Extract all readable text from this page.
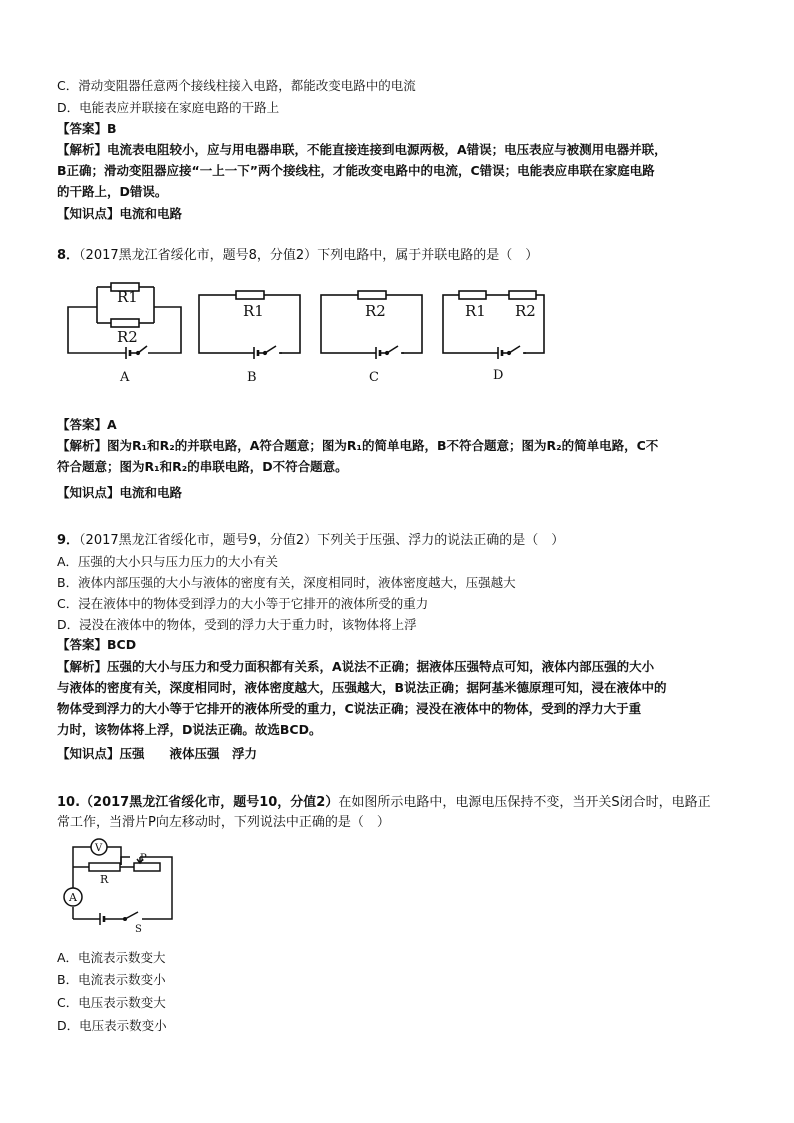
C．滑动变阻器任意两个接线柱接入电路，都能改变电路中的电流
D．电能表应并联接在家庭电路的干路上
【答案】B
【解析】电流表电阻较小，应与用电器串联，不能直接连接到电源两极，A错误；电压表应与被测用电器并联，
B正确；滑动变阻器应接“一上一下”两个接线柱，才能改变电路中的电流，C错误；电能表应串联在家庭电路
的干路上，D错误。
【知识点】电流和电路
8．（2017黑龙江省绥化市，题号8，分值2）下列电路中，属于并联电路的是（　）
R1
R2
R1	R2	R1 R2
A	B	C	D
V
A
R
P
S
【答案】A
【解析】图为R₁和R₂的并联电路，A符合题意；图为R₁的简单电路，B不符合题意；图为R₂的简单电路，C不
符合题意；图为R₁和R₂的串联电路，D不符合题意。
【知识点】电流和电路
9．（2017黑龙江省绥化市，题号9，分值2）下列关于压强、浮力的说法正确的是（　）
A．压强的大小只与压力压力的大小有关
B．液体内部压强的大小与液体的密度有关，深度相同时，液体密度越大，压强越大
C．浸在液体中的物体受到浮力的大小等于它排开的液体所受的重力
D．浸没在液体中的物体，受到的浮力大于重力时，该物体将上浮
【答案】BCD
【解析】压强的大小与压力和受力面积都有关系，A说法不正确；据液体压强特点可知，液体内部压强的大小
与液体的密度有关，深度相同时，液体密度越大，压强越大，B说法正确；据阿基米德原理可知，浸在液体中的
物体受到浮力的大小等于它排开的液体所受的重力，C说法正确；浸没在液体中的物体，受到的浮力大于重
力时，该物体将上浮，D说法正确。故选BCD。
【知识点】压强　　液体压强　浮力
10.（2017黑龙江省绥化市，题号10，分值2）在如图所示电路中，电源电压保持不变，当开关S闭合时，电路正
常工作，当滑片P向左移动时，下列说法中正确的是（　）
A．电流表示数变大
B．电流表示数变小
C．电压表示数变大
D．电压表示数变小
